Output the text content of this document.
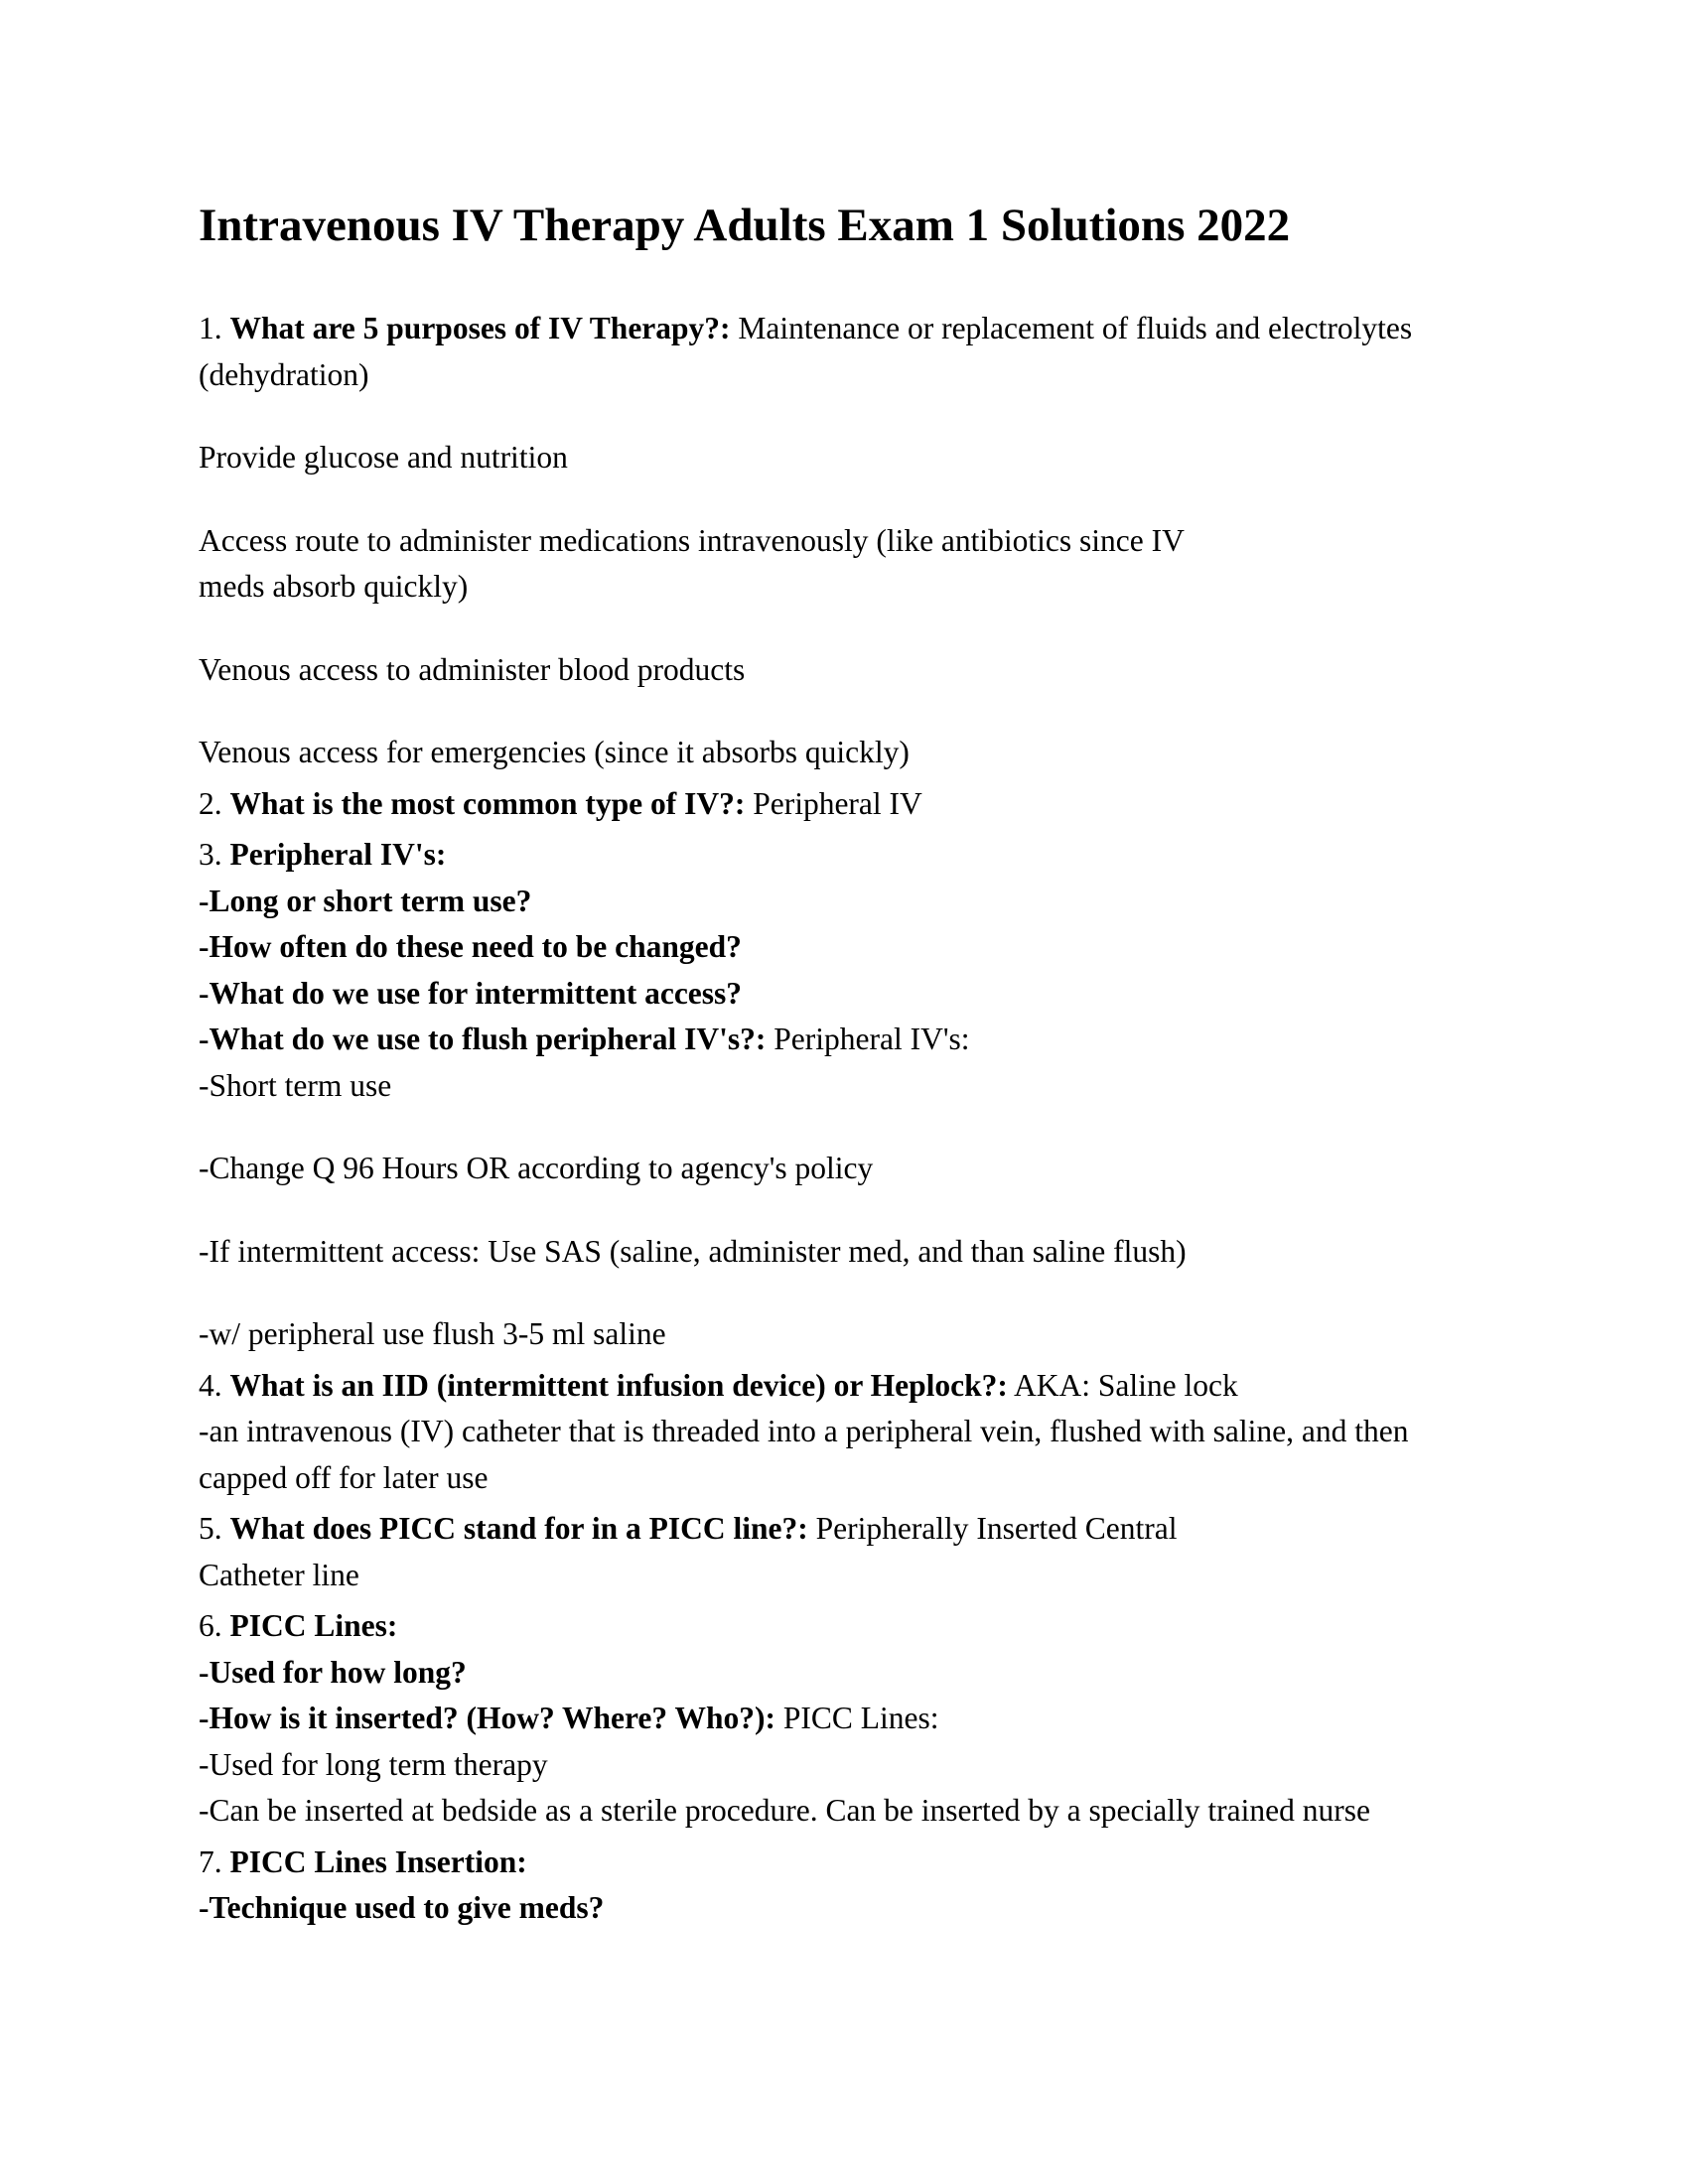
Intravenous IV Therapy Adults Exam 1 Solutions 2022

1. What are 5 purposes of IV Therapy?: Maintenance or replacement of fluids and electrolytes

(dehydration)

Provide glucose and nutrition

Access route to administer medications intravenously (like antibiotics since IV

meds absorb quickly)

Venous access to administer blood products

Venous access for emergencies (since it absorbs quickly)

2. What is the most common type of IV?: Peripheral IV

3. Peripheral IV's:

-Long or short term use?

-How often do these need to be changed?

-What do we use for intermittent access?

-What do we use to flush peripheral IV's?: Peripheral IV's:

-Short term use

-Change Q 96 Hours OR according to agency's policy

-If intermittent access: Use SAS (saline, administer med, and than saline flush)

-w/ peripheral use flush 3-5 ml saline

4. What is an IID (intermittent infusion device) or Heplock?: AKA: Saline lock

-an intravenous (IV) catheter that is threaded into a peripheral vein, flushed with saline, and then

capped off for later use

5. What does PICC stand for in a PICC line?: Peripherally Inserted Central

Catheter line

6. PICC Lines:

-Used for how long?

-How is it inserted? (How? Where? Who?): PICC Lines:

-Used for long term therapy

-Can be inserted at bedside as a sterile procedure. Can be inserted by a specially trained nurse

7. PICC Lines Insertion:

-Technique used to give meds?
